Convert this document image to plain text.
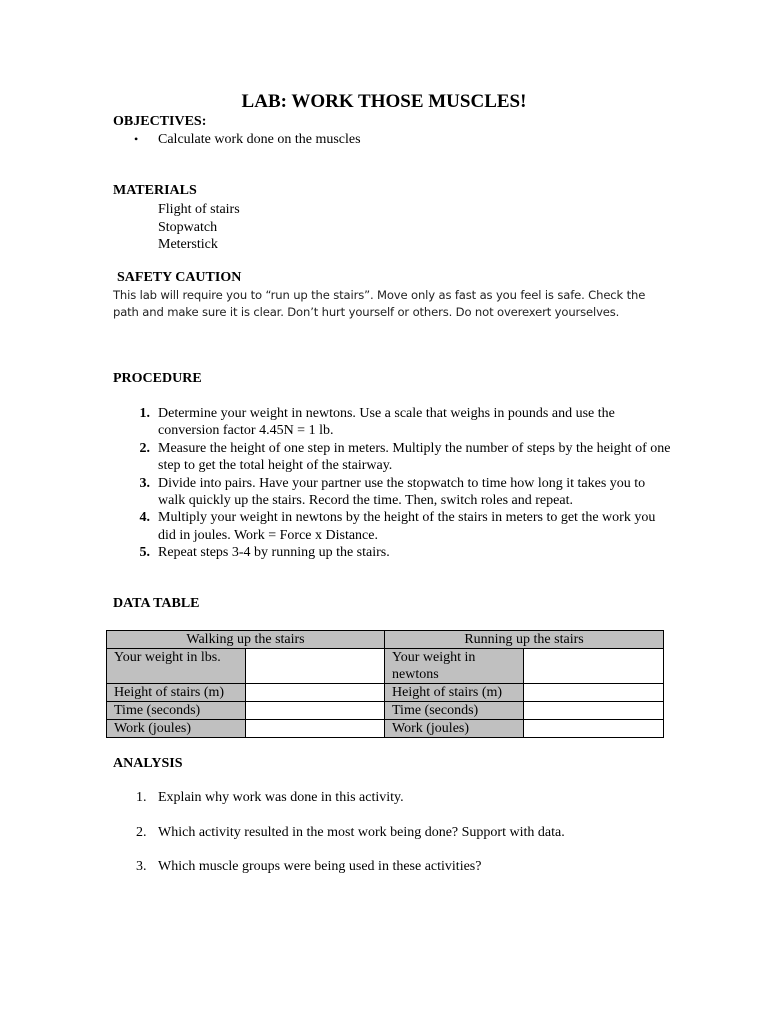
LAB: WORK THOSE MUSCLES!
OBJECTIVES:
• Calculate work done on the muscles
MATERIALS
Flight of stairs
Stopwatch
Meterstick
SAFETY CAUTION
This lab will require you to “run up the stairs”. Move only as fast as you feel is safe. Check the path and make sure it is clear. Don’t hurt yourself or others. Do not overexert yourselves.
PROCEDURE
1. Determine your weight in newtons. Use a scale that weighs in pounds and use the conversion factor 4.45N = 1 lb.
2. Measure the height of one step in meters. Multiply the number of steps by the height of one step to get the total height of the stairway.
3. Divide into pairs. Have your partner use the stopwatch to time how long it takes you to walk quickly up the stairs. Record the time. Then, switch roles and repeat.
4. Multiply your weight in newtons by the height of the stairs in meters to get the work you did in joules. Work = Force x Distance.
5. Repeat steps 3-4 by running up the stairs.
DATA TABLE
Walking up the stairs		Running up the stairs	
Your weight in lbs.		Your weight in newtons	
Height of stairs (m)		Height of stairs (m)	
Time (seconds)		Time (seconds)	
Work (joules)		Work (joules)	
ANALYSIS
1. Explain why work was done in this activity.
2. Which activity resulted in the most work being done? Support with data.
3. Which muscle groups were being used in these activities?
